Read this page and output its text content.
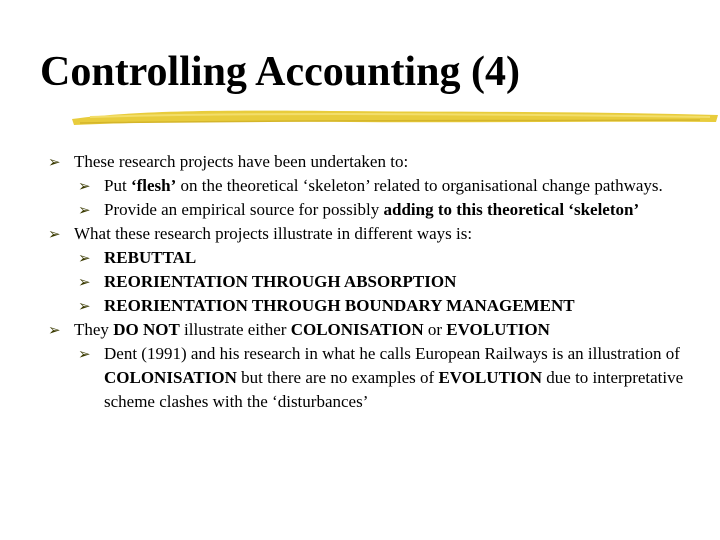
Controlling Accounting (4)
➢ These research projects have been undertaken to:
➢ Put ‘flesh’ on the theoretical ‘skeleton’ related to organisational change pathways.
➢ Provide an empirical source for possibly adding to this theoretical ‘skeleton’
➢ What these research projects illustrate in different ways is:
➢ REBUTTAL
➢ REORIENTATION THROUGH ABSORPTION
➢ REORIENTATION THROUGH BOUNDARY MANAGEMENT
➢ They DO NOT illustrate either COLONISATION or EVOLUTION
➢ Dent (1991) and his research in what he calls European Railways is an illustration of COLONISATION but there are no examples of EVOLUTION due to interpretative scheme clashes with the ‘disturbances’
